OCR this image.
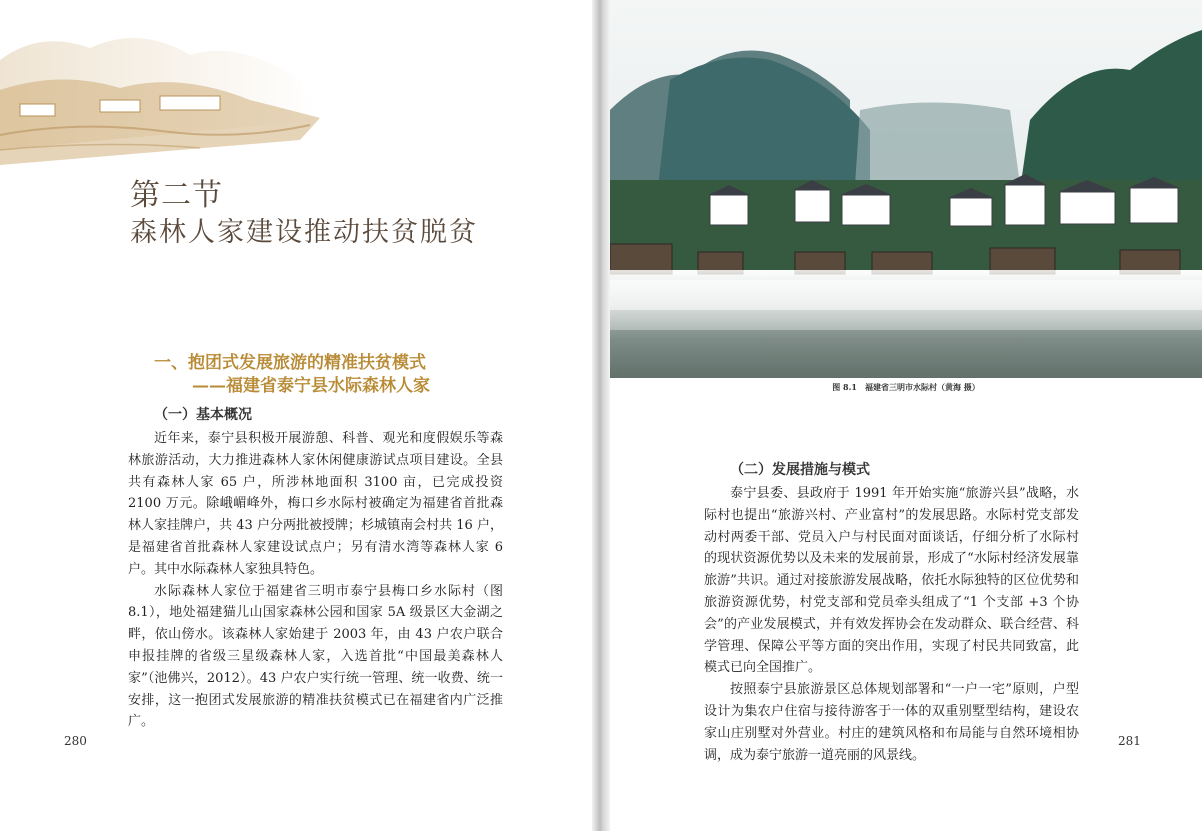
第二节
森林人家建设推动扶贫脱贫
一、抱团式发展旅游的精准扶贫模式
——福建省泰宁县水际森林人家
（一）基本概况

近年来，泰宁县积极开展游憩、科普、观光和度假娱乐等森林旅游活动，大力推进森林人家休闲健康游试点项目建设。全县共有森林人家 65 户，所涉林地面积 3100 亩，已完成投资 2100 万元。除峨嵋峰外，梅口乡水际村被确定为福建省首批森林人家挂牌户，共 43 户分两批被授牌；杉城镇南会村共 16 户，是福建省首批森林人家建设试点户；另有清水湾等森林人家 6 户。其中水际森林人家独具特色。

水际森林人家位于福建省三明市泰宁县梅口乡水际村（图 8.1），地处福建猫儿山国家森林公园和国家 5A 级景区大金湖之畔，依山傍水。该森林人家始建于 2003 年，由 43 户农户联合申报挂牌的省级三星级森林人家，入选首批“中国最美森林人家”（池佛兴，2012）。43 户农户实行统一管理、统一收费、统一安排，这一抱团式发展旅游的精准扶贫模式已在福建省内广泛推广。

280
图 8.1　福建省三明市水际村（黄海 摄）
（二）发展措施与模式

泰宁县委、县政府于 1991 年开始实施“旅游兴县”战略，水际村也提出“旅游兴村、产业富村”的发展思路。水际村党支部发动村两委干部、党员入户与村民面对面谈话，仔细分析了水际村的现状资源优势以及未来的发展前景，形成了“水际村经济发展靠旅游”共识。通过对接旅游发展战略，依托水际独特的区位优势和旅游资源优势，村党支部和党员牵头组成了“1 个支部 +3 个协会”的产业发展模式，并有效发挥协会在发动群众、联合经营、科学管理、保障公平等方面的突出作用，实现了村民共同致富，此模式已向全国推广。

按照泰宁县旅游景区总体规划部署和“一户一宅”原则，户型设计为集农户住宿与接待游客于一体的双重别墅型结构，建设农家山庄别墅对外营业。村庄的建筑风格和布局能与自然环境相协调，成为泰宁旅游一道亮丽的风景线。

281
